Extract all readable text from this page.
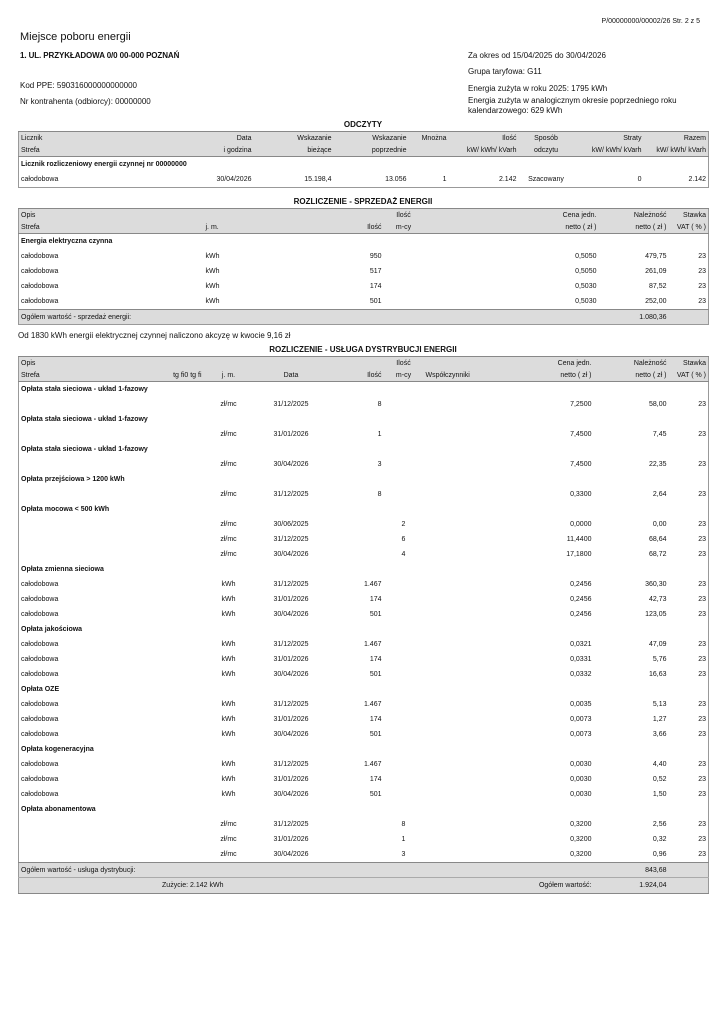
P/00000000/00002/26 Str. 2 z 5
Miejsce poboru energii
1. UL. PRZYKŁADOWA 0/0 00-000 POZNAŃ
Kod PPE: 590316000000000000
Nr kontrahenta (odbiorcy): 00000000
Za okres od 15/04/2025 do 30/04/2026
Grupa taryfowa: G11
Energia zużyta w roku 2025: 1795 kWh
Energia zużyta w analogicznym okresie poprzedniego roku kalendarzowego: 629 kWh
ODCZYTY
Licznik	Data	Wskazanie	Wskazanie	Mnożna	Ilość	Sposób	Straty	Razem
Strefa	i godzina	bieżące	poprzednie		kW/ kWh/ kVarh	odczytu	kW/ kWh/ kVarh	kW/ kWh/ kVarh
Licznik rozliczeniowy energii czynnej nr 00000000								
całodobowa	30/04/2026	15.198,4	13.056	1	2.142	Szacowany	0	2.142
ROZLICZENIE - SPRZEDAŻ ENERGII
Opis			Ilość		Cena jedn.	Należność	Stawka
Strefa	j. m.	Ilość	m-cy		netto ( zł )	netto ( zł )	VAT ( % )
Energia elektryczna czynna							
całodobowa	kWh	950			0,5050	479,75	23
całodobowa	kWh	517			0,5050	261,09	23
całodobowa	kWh	174			0,5030	87,52	23
całodobowa	kWh	501			0,5030	252,00	23
Ogółem wartość - sprzedaż energii:						1.080,36	
Od 1830 kWh energii elektrycznej czynnej naliczono akcyzę w kwocie 9,16 zł
ROZLICZENIE - USŁUGA DYSTRYBUCJI ENERGII
Opis					Ilość		Cena jedn.	Należność	Stawka
Strefa	tg fi0 tg fi	j. m.	Data	Ilość	m-cy	Współczynniki	netto ( zł )	netto ( zł )	VAT ( % )
Opłata stała sieciowa - układ 1-fazowy									
		zł/mc	31/12/2025	8			7,2500	58,00	23
Opłata stała sieciowa - układ 1-fazowy									
		zł/mc	31/01/2026	1			7,4500	7,45	23
Opłata stała sieciowa - układ 1-fazowy									
		zł/mc	30/04/2026	3			7,4500	22,35	23
Opłata przejściowa > 1200 kWh									
		zł/mc	31/12/2025	8			0,3300	2,64	23
Opłata mocowa < 500 kWh									
		zł/mc	30/06/2025		2		0,0000	0,00	23
		zł/mc	31/12/2025		6		11,4400	68,64	23
		zł/mc	30/04/2026		4		17,1800	68,72	23
Opłata zmienna sieciowa									
całodobowa		kWh	31/12/2025	1.467			0,2456	360,30	23
całodobowa		kWh	31/01/2026	174			0,2456	42,73	23
całodobowa		kWh	30/04/2026	501			0,2456	123,05	23
Opłata jakościowa									
całodobowa		kWh	31/12/2025	1.467			0,0321	47,09	23
całodobowa		kWh	31/01/2026	174			0,0331	5,76	23
całodobowa		kWh	30/04/2026	501			0,0332	16,63	23
Opłata OZE									
całodobowa		kWh	31/12/2025	1.467			0,0035	5,13	23
całodobowa		kWh	31/01/2026	174			0,0073	1,27	23
całodobowa		kWh	30/04/2026	501			0,0073	3,66	23
Opłata kogeneracyjna									
całodobowa		kWh	31/12/2025	1.467			0,0030	4,40	23
całodobowa		kWh	31/01/2026	174			0,0030	0,52	23
całodobowa		kWh	30/04/2026	501			0,0030	1,50	23
Opłata abonamentowa									
		zł/mc	31/12/2025		8		0,3200	2,56	23
		zł/mc	31/01/2026		1		0,3200	0,32	23
		zł/mc	30/04/2026		3		0,3200	0,96	23
Ogółem wartość - usługa dystrybucji:								843,68	
Zużycie: 2.142 kWh			Ogółem wartość:					1.924,04	
